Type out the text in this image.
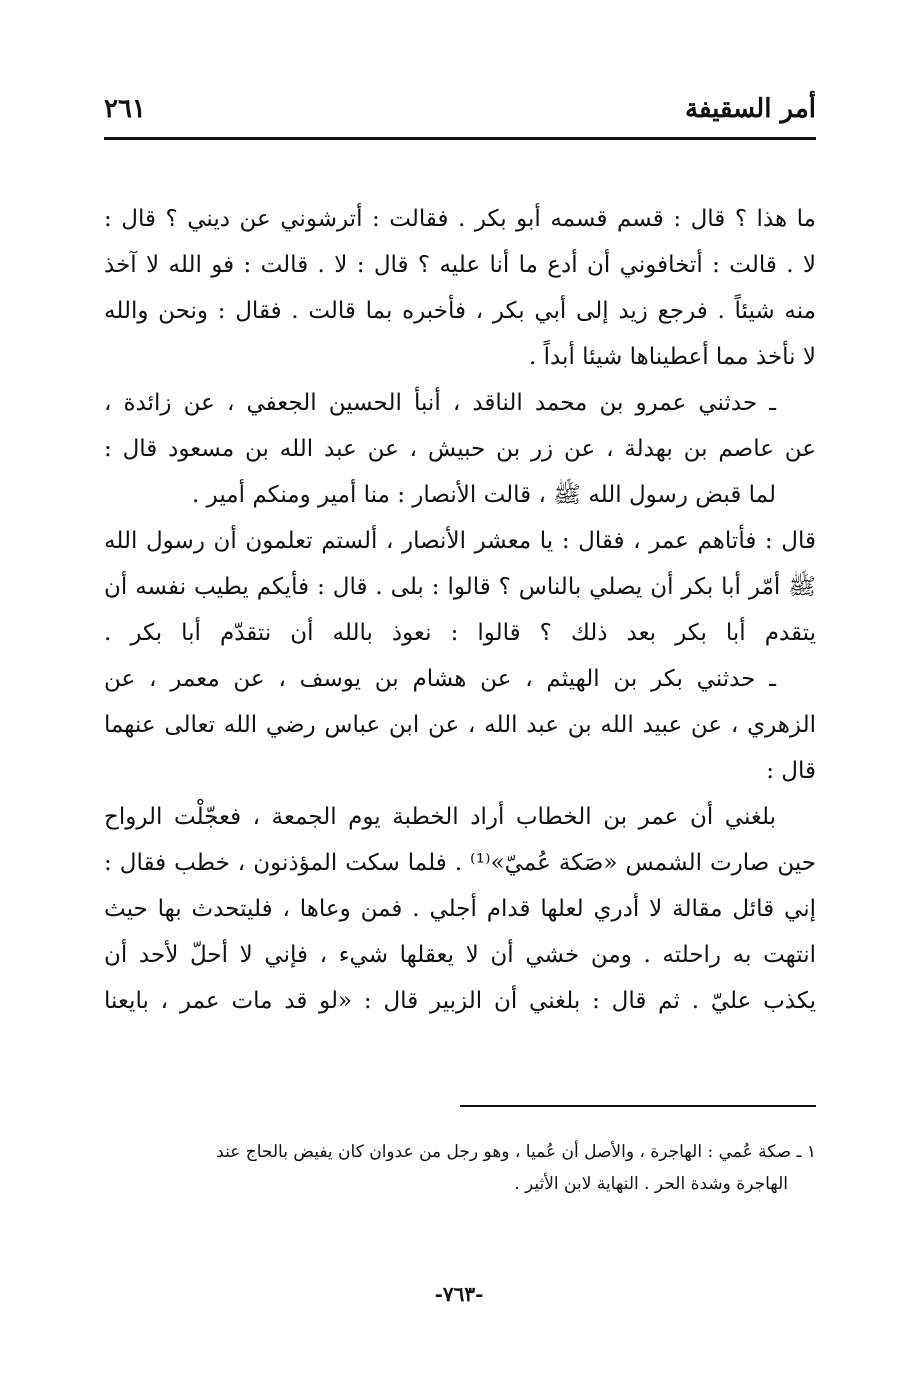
أمر السقيفة
٢٦١
ما هذا ؟ قال : قسم قسمه أبو بكر . فقالت : أترشوني عن ديني ؟ قال :
لا . قالت : أتخافوني أن أدع ما أنا عليه ؟ قال : لا . قالت : فو الله لا آخذ
منه شيئاً . فرجع زيد إلى أبي بكر ، فأخبره بما قالت . فقال : ونحن والله
لا نأخذ مما أعطيناها شيئا أبداً .
ـ حدثني عمرو بن محمد الناقد ، أنبأ الحسين الجعفي ، عن زائدة ،
عن عاصم بن بهدلة ، عن زر بن حبيش ، عن عبد الله بن مسعود قال :
لما قبض رسول الله ﷺ ، قالت الأنصار : منا أمير ومنكم أمير .
قال : فأتاهم عمر ، فقال : يا معشر الأنصار ، ألستم تعلمون أن رسول الله
ﷺ أمّر أبا بكر أن يصلي بالناس ؟ قالوا : بلى . قال : فأيكم يطيب نفسه أن
يتقدم أبا بكر بعد ذلك ؟ قالوا : نعوذ بالله أن نتقدّم أبا بكر .
ـ حدثني بكر بن الهيثم ، عن هشام بن يوسف ، عن معمر ، عن
الزهري ، عن عبيد الله بن عبد الله ، عن ابن عباس رضي الله تعالى عنهما
قال :
بلغني أن عمر بن الخطاب أراد الخطبة يوم الجمعة ، فعجّلْت الرواح
حين صارت الشمس «صَكة عُميّ»⁽¹⁾ . فلما سكت المؤذنون ، خطب فقال :
إني قائل مقالة لا أدري لعلها قدام أجلي . فمن وعاها ، فليتحدث بها حيث
انتهت به راحلته . ومن خشي أن لا يعقلها شيء ، فإني لا أحلّ لأحد أن
يكذب عليّ . ثم قال : بلغني أن الزبير قال : «لو قد مات عمر ، بايعنا
١ ـ صكة عُمي : الهاجرة ، والأصل أن عُميا ، وهو رجل من عدوان كان يفيض بالحاج عند
الهاجرة وشدة الحر . النهاية لابن الأثير .
-٧٦٣-
